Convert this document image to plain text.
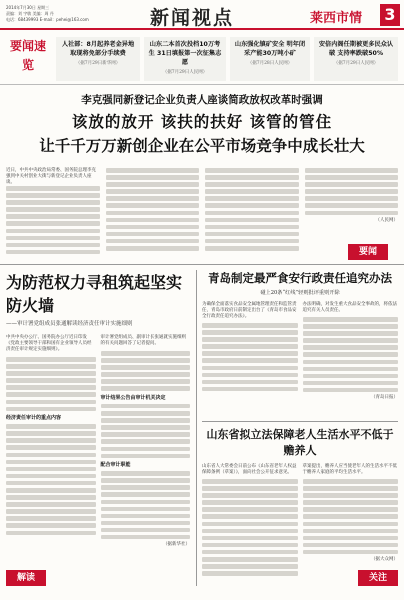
2014年7月30日 星期三
责编：刘 宇敏 美编：周 丹
电话：68439993 E-mail：pehei@163.com	新闻视点	莱西市情 3
要闻速览
人社部：8月起养老金异地取现将免部分手续费
（据7月29日新华网）
山东二本首次投档10万考生 31日填报第一次征集志愿
（据7月29日人民网）
山东强化镇矿安全 明年闭采产能30万吨小矿
（据7月28日人民网）
安倍内阁任期被更多民众认破 支持率跌破50%
（据7月29日人民网）
李克强同新登记企业负责人座谈简政放权改革时强调
该放的放开 该扶的扶好 该管的管住
让千千万万新创企业在公平市场竞争中成长壮大
近日，中共中央政治局常委、国务院总理李克强到中关村创业大街与新登记企业负责人座谈。
（人民网）
要闻
为防范权力寻租筑起坚实防火墙
——审计署党组成员张通解读经济责任审计实施细则
中共中央办公厅、国务院办公厅近日印发《党政主要领导干部和国有企业领导人员经济责任审计规定实施细则》。
经济责任审计的重点内容
审计署党组成员、副审计长张通就实施细则的有关问题回答了记者提问。
审计结果公告由审计机关决定
配合审计职能
（据新华社）
解读
青岛制定最严食安行政责任追究办法
碰上20条“红线”轻则批评重则开除
为确保全面落实食品安全属地管理责任和监管责任，青岛市政府日前制定出台了《青岛市食品安全行政责任追究办法》。
办法明确，对发生重大食品安全事故的，将依法追究有关人员责任。
（青岛日报）
山东省拟立法保障老人生活水平不低于赡养人
山东省人大常委会日前公布《山东省老年人权益保障条例（草案）》，面向社会公开征求意见。
草案提出，赡养人应当使老年人的生活水平不低于赡养人家庭的平均生活水平。
（据大众网）
关注
